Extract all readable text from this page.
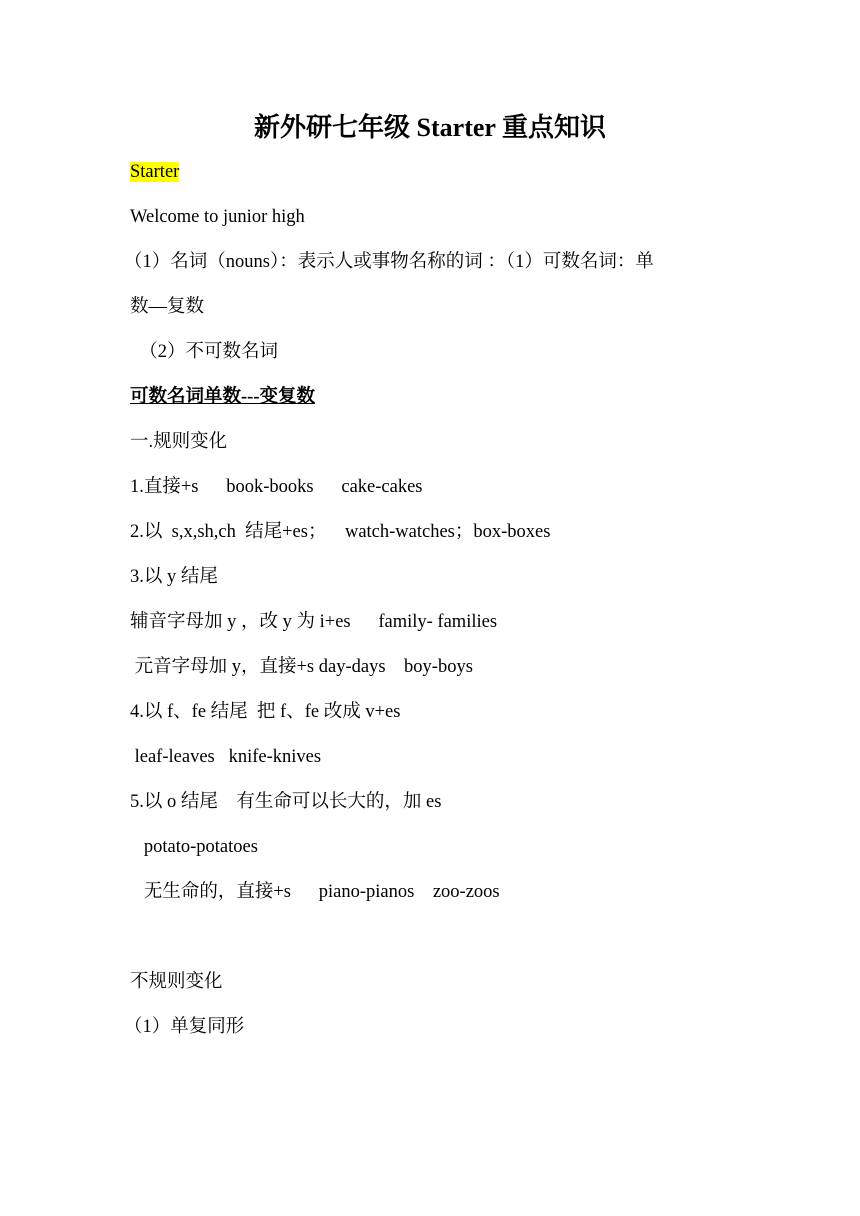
新外研七年级 Starter 重点知识
Starter
Welcome to junior high
（1）名词（nouns）：表示人或事物名称的词 ：（1）可数名词：单
数—复数
（2）不可数名词
可数名词单数---变复数
一.规则变化
1.直接+s      book-books      cake-cakes
2.以  s,x,sh,ch  结尾+es；    watch-watches；box-boxes
3.以 y 结尾
辅音字母加 y ，改 y 为 i+es      family- families
元音字母加 y，直接+s day-days    boy-boys
4.以 f、fe 结尾  把 f、fe 改成 v+es
leaf-leaves   knife-knives
5.以 o 结尾    有生命可以长大的，加 es
potato-potatoes
无生命的，直接+s      piano-pianos    zoo-zoos
不规则变化
（1）单复同形
